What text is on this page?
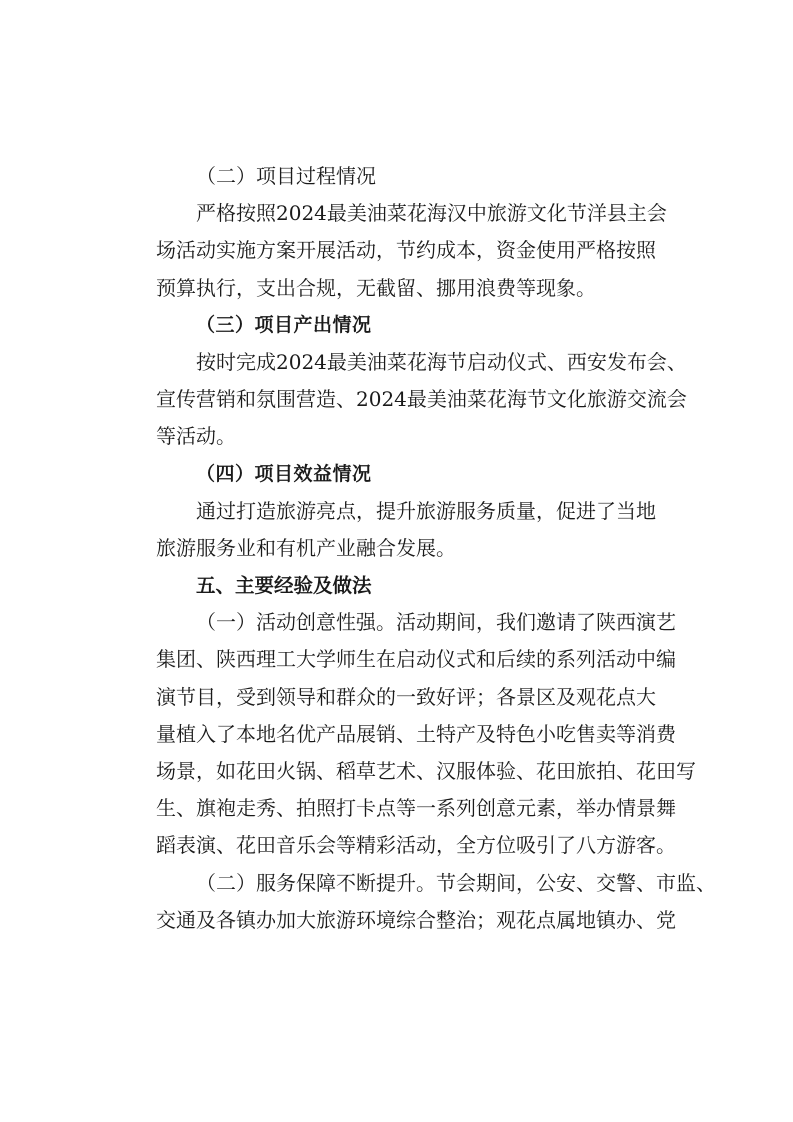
（二）项目过程情况
严格按照2024最美油菜花海汉中旅游文化节洋县主会
场活动实施方案开展活动，节约成本，资金使用严格按照
预算执行，支出合规，无截留、挪用浪费等现象。
（三）项目产出情况
按时完成2024最美油菜花海节启动仪式、西安发布会、
宣传营销和氛围营造、2024最美油菜花海节文化旅游交流会
等活动。
（四）项目效益情况
通过打造旅游亮点，提升旅游服务质量，促进了当地
旅游服务业和有机产业融合发展。
五、主要经验及做法
（一）活动创意性强。活动期间，我们邀请了陕西演艺
集团、陕西理工大学师生在启动仪式和后续的系列活动中编
演节目，受到领导和群众的一致好评；各景区及观花点大
量植入了本地名优产品展销、土特产及特色小吃售卖等消费
场景，如花田火锅、稻草艺术、汉服体验、花田旅拍、花田写
生、旗袍走秀、拍照打卡点等一系列创意元素，举办情景舞
蹈表演、花田音乐会等精彩活动，全方位吸引了八方游客。
（二）服务保障不断提升。节会期间，公安、交警、市监、
交通及各镇办加大旅游环境综合整治；观花点属地镇办、党
